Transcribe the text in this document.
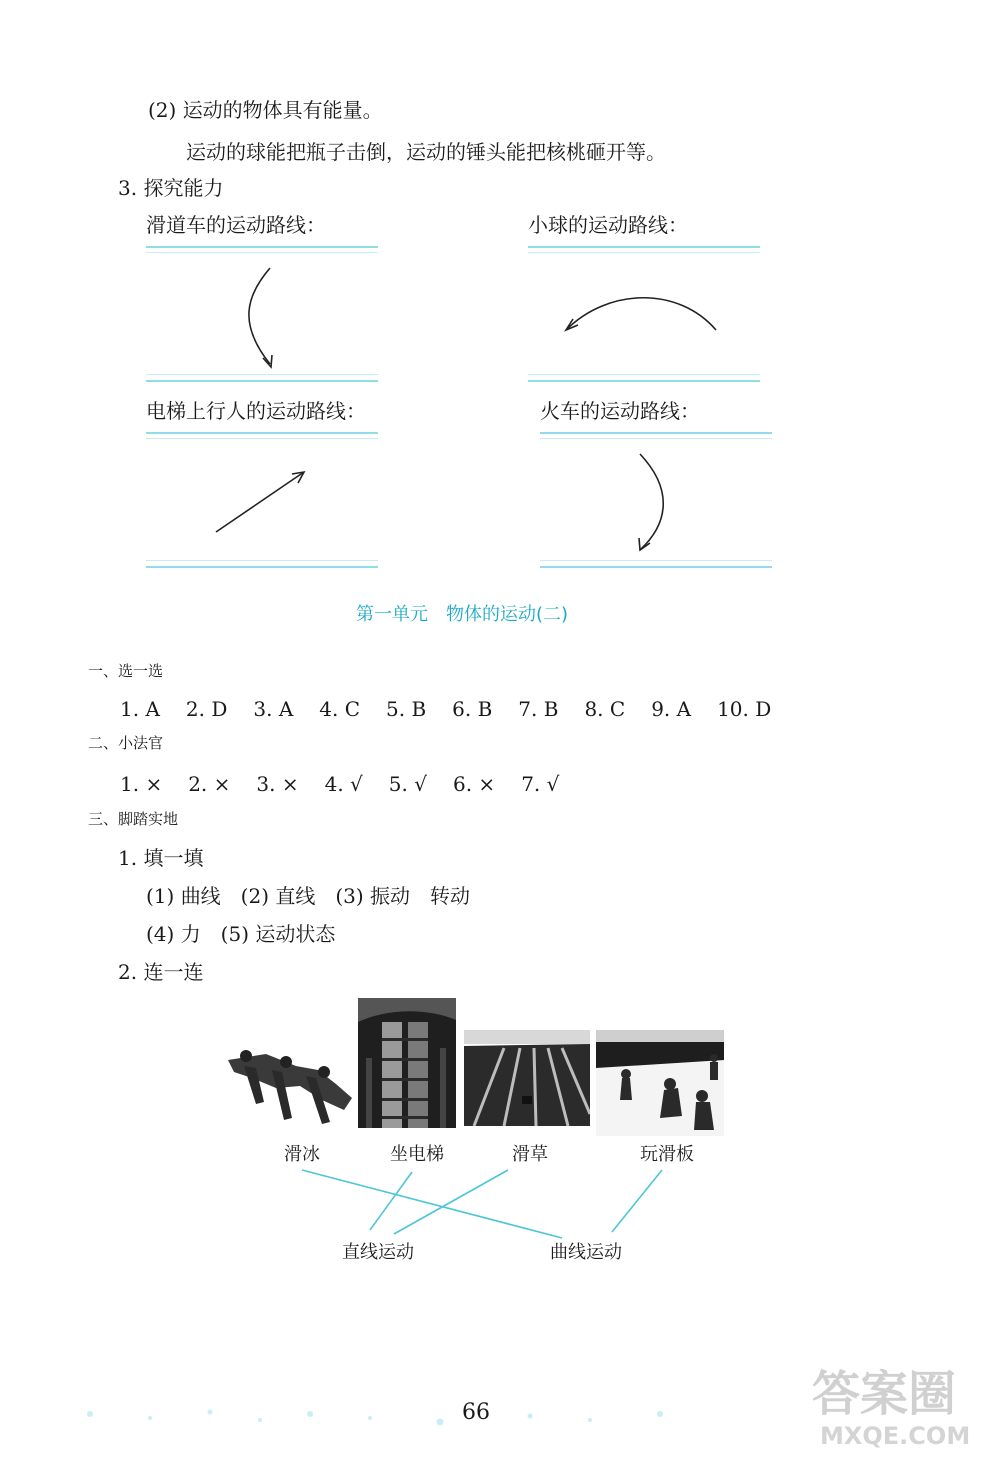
(2) 运动的物体具有能量。
运动的球能把瓶子击倒，运动的锤头能把核桃砸开等。
3. 探究能力
滑道车的运动路线：	小球的运动路线：
电梯上行人的运动路线：	火车的运动路线：
第一单元　物体的运动(二)
一、选一选
1. A 2. D 3. A 4. C 5. B 6. B 7. B 8. C 9. A 10. D
二、小法官
1. × 2. × 3. × 4. √ 5. √ 6. × 7. √
三、脚踏实地
1. 填一填
(1) 曲线　(2) 直线　(3) 振动　转动
(4) 力　(5) 运动状态
2. 连一连
滑冰	坐电梯	滑草	玩滑板
直线运动	曲线运动
66	答案圈
MXQE.COM
